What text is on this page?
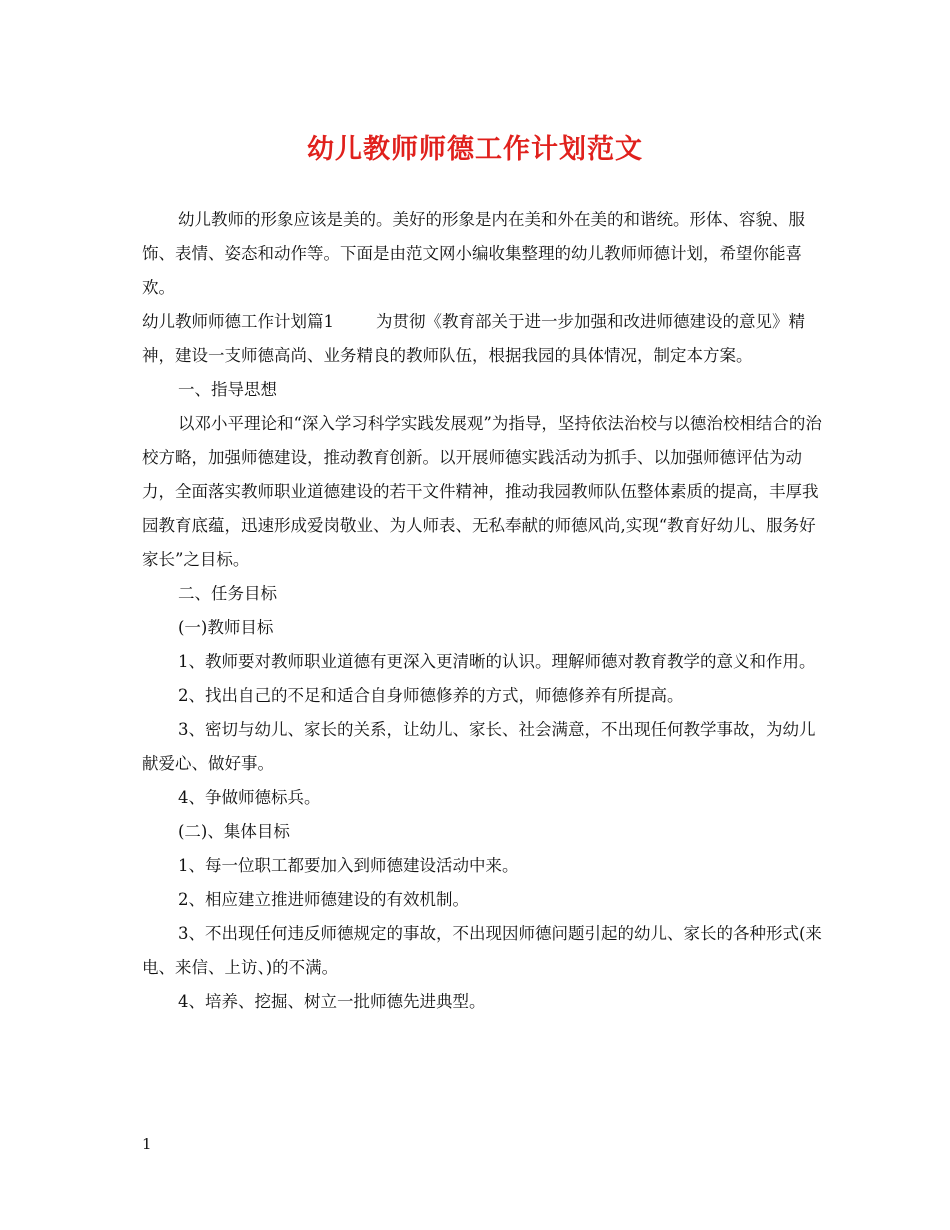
幼儿教师师德工作计划范文

幼儿教师的形象应该是美的。美好的形象是内在美和外在美的和谐统。形体、容貌、服饰、表情、姿态和动作等。下面是由范文网小编收集整理的幼儿教师师德计划，希望你能喜欢。

幼儿教师师德工作计划篇1	为贯彻《教育部关于进一步加强和改进师德建设的意见》精神，建设一支师德高尚、业务精良的教师队伍，根据我园的具体情况，制定本方案。

一、指导思想

以邓小平理论和“深入学习科学实践发展观”为指导，坚持依法治校与以德治校相结合的治校方略，加强师德建设，推动教育创新。以开展师德实践活动为抓手、以加强师德评估为动力，全面落实教师职业道德建设的若干文件精神，推动我园教师队伍整体素质的提高，丰厚我园教育底蕴，迅速形成爱岗敬业、为人师表、无私奉献的师德风尚,实现“教育好幼儿、服务好家长”之目标。

二、任务目标

(一)教师目标

1、教师要对教师职业道德有更深入更清晰的认识。理解师德对教育教学的意义和作用。

2、找出自己的不足和适合自身师德修养的方式，师德修养有所提高。

3、密切与幼儿、家长的关系，让幼儿、家长、社会满意，不出现任何教学事故，为幼儿献爱心、做好事。

4、争做师德标兵。

(二)、集体目标

1、每一位职工都要加入到师德建设活动中来。

2、相应建立推进师德建设的有效机制。

3、不出现任何违反师德规定的事故，不出现因师德问题引起的幼儿、家长的各种形式(来电、来信、上访、)的不满。

4、培养、挖掘、树立一批师德先进典型。

1
